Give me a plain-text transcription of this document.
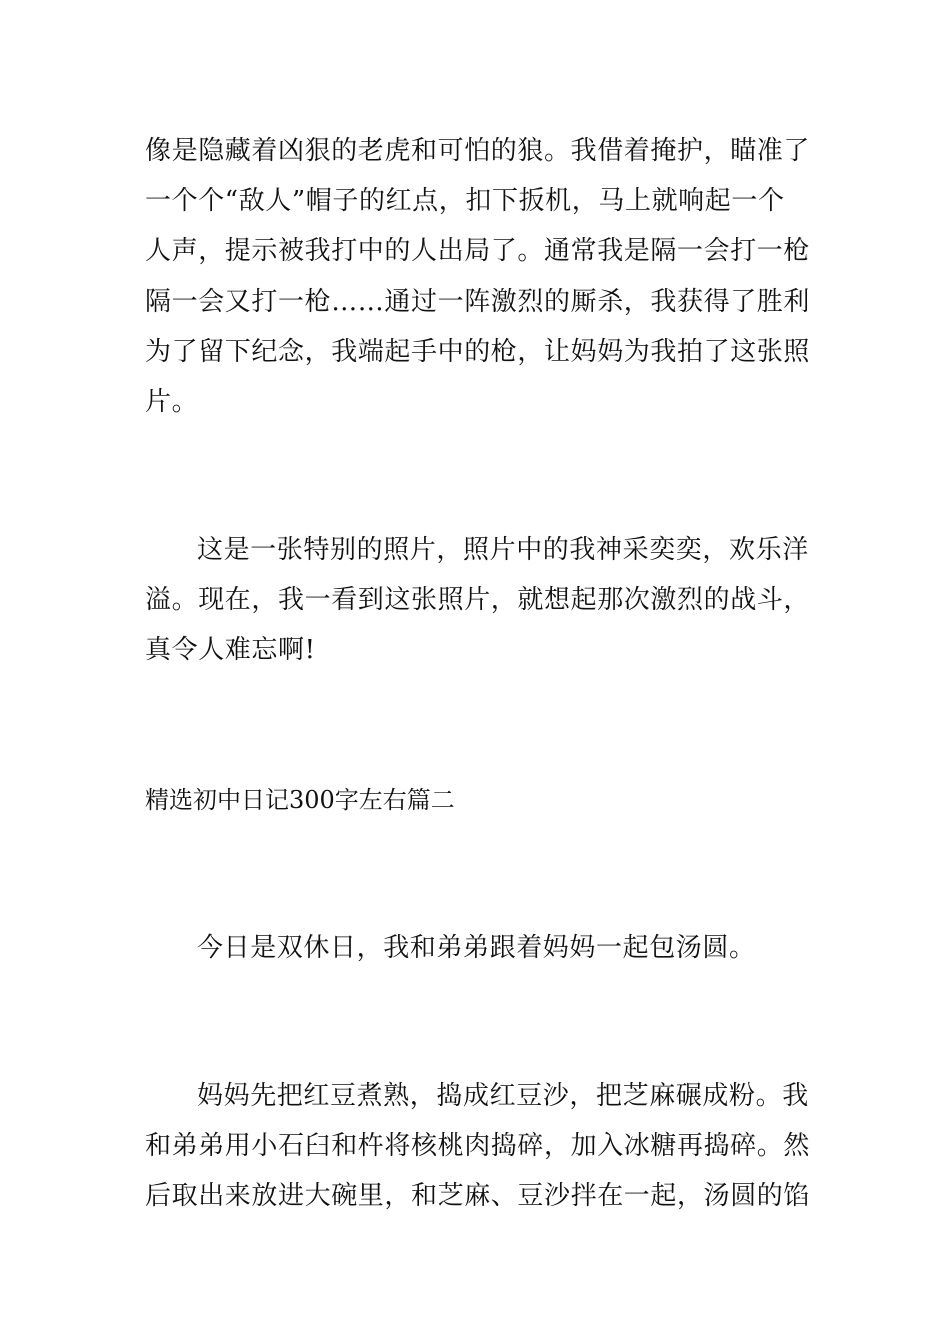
像是隐藏着凶狠的老虎和可怕的狼。我借着掩护，瞄准了
一个个“敌人”帽子的红点，扣下扳机，马上就响起一个
人声，提示被我打中的人出局了。通常我是隔一会打一枪
隔一会又打一枪……通过一阵激烈的厮杀，我获得了胜利
为了留下纪念，我端起手中的枪，让妈妈为我拍了这张照
片。
这是一张特别的照片，照片中的我神采奕奕，欢乐洋
溢。现在，我一看到这张照片，就想起那次激烈的战斗，
真令人难忘啊!
精选初中日记300字左右篇二
今日是双休日，我和弟弟跟着妈妈一起包汤圆。
妈妈先把红豆煮熟，捣成红豆沙，把芝麻碾成粉。我
和弟弟用小石臼和杵将核桃肉捣碎，加入冰糖再捣碎。然
后取出来放进大碗里，和芝麻、豆沙拌在一起，汤圆的馅
